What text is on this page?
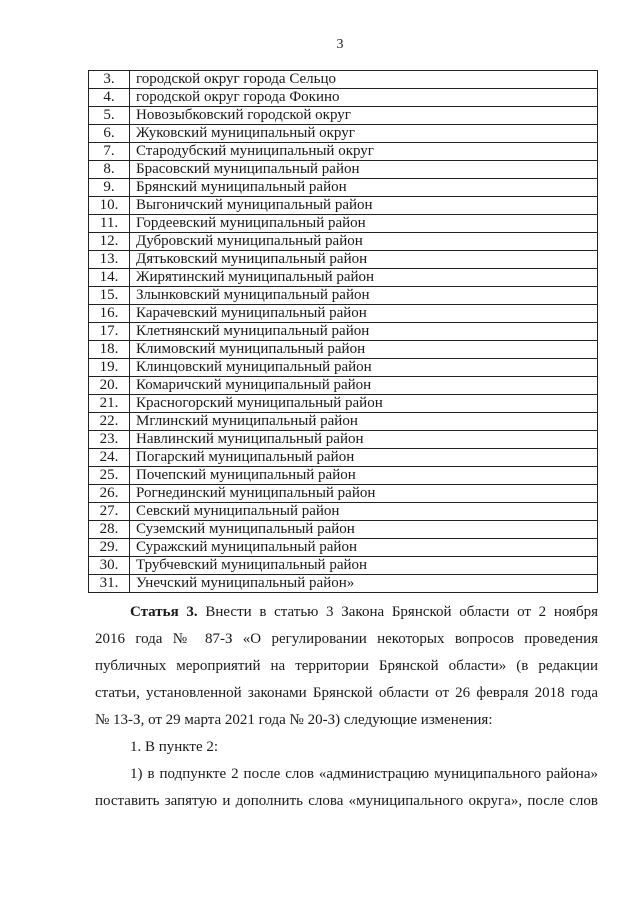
3
3.	городской округ города Сельцо
4.	городской округ города Фокино
5.	Новозыбковский городской округ
6.	Жуковский муниципальный округ
7.	Стародубский муниципальный округ
8.	Брасовский муниципальный район
9.	Брянский муниципальный район
10.	Выгоничский муниципальный район
11.	Гордеевский муниципальный район
12.	Дубровский муниципальный район
13.	Дятьковский муниципальный район
14.	Жирятинский муниципальный район
15.	Злынковский муниципальный район
16.	Карачевский муниципальный район
17.	Клетнянский муниципальный район
18.	Климовский муниципальный район
19.	Клинцовский муниципальный район
20.	Комаричский муниципальный район
21.	Красногорский муниципальный район
22.	Мглинский муниципальный район
23.	Навлинский муниципальный район
24.	Погарский муниципальный район
25.	Почепский муниципальный район
26.	Рогнединский муниципальный район
27.	Севский муниципальный район
28.	Суземский муниципальный район
29.	Суражский муниципальный район
30.	Трубчевский муниципальный район
31.	Унечский муниципальный район»
Статья 3. Внести в статью 3 Закона Брянской области от 2 ноября
2016 года № 87-З «О регулировании некоторых вопросов проведения
публичных мероприятий на территории Брянской области» (в редакции
статьи, установленной законами Брянской области от 26 февраля 2018 года
№ 13-З, от 29 марта 2021 года № 20-З) следующие изменения:
1. В пункте 2:
1) в подпункте 2 после слов «администрацию муниципального района»
поставить запятую и дополнить слова «муниципального округа», после слов
